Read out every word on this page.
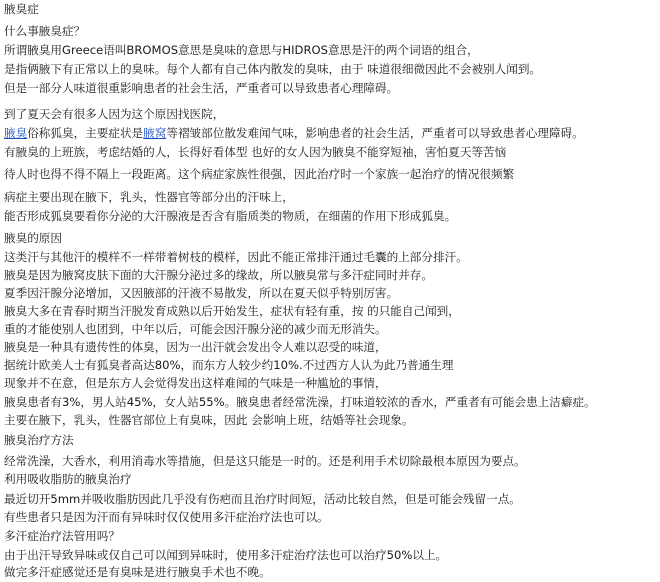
腋臭症
什么事腋臭症？
所谓腋臭用Greece语叫BROMOS意思是臭味的意思与HIDROS意思是汗的两个词语的组合，
是指俩腋下有正常以上的臭味。每个人都有自己体内散发的臭味，由于 味道很细微因此不会被别人闻到。
但是一部分人味道很重影响患者的社会生活，严重者可以导致患者心理障碍。
到了夏天会有很多人因为这个原因找医院，
腋臭俗称狐臭，主要症状是腋窝等褶皱部位散发难闻气味，影响患者的社会生活，严重者可以导致患者心理障碍。
有腋臭的上班族，考虑结婚的人，长得好看体型 也好的女人因为腋臭不能穿短袖，害怕夏天等苦恼
待人时也得不得不隔上一段距离。这个病症家族性很强，因此治疗时一个家族一起治疗的情况很频繁
病症主要出现在腋下，乳头，性器官等部分出的汗味上，
能否形成狐臭要看你分泌的大汗腺液是否含有脂质类的物质，在细菌的作用下形成狐臭。
腋臭的原因
这类汗与其他汗的模样不一样带着树枝的模样，因此不能正常排汗通过毛囊的上部分排汗。
腋臭是因为腋窝皮肤下面的大汗腺分泌过多的缘故，所以腋臭常与多汗症同时并存。
夏季因汗腺分泌增加，又因腋部的汗液不易散发，所以在夏天似乎特别厉害。
腋臭大多在青春时期当汗脱发育成熟以后开始发生，症状有轻有重，按 的只能自己闻到，
重的才能使别人也团到，中年以后，可能会因汗腺分泌的减少而无形消失。
腋臭是一种具有遗传性的体臭，因为一出汗就会发出令人难以忍受的味道，
据统计欧美人士有狐臭者高达80%，而东方人较少约10%.不过西方人认为此乃普通生理
现象并不在意，但是东方人会觉得发出这样难闻的气味是一种尴尬的事情，
腋臭患者有3%，男人站45%，女人站55%。腋臭患者经常洗澡，打味道较浓的香水，严重者有可能会患上洁癖症。
主要在腋下，乳头，性器官部位上有臭味，因此 会影响上班，结婚等社会现象。
腋臭治疗方法
经常洗澡，大香水，利用消毒水等措施，但是这只能是一时的。还是利用手术切除最根本原因为要点。
利用吸收脂肪的腋臭治疗
最近切开5mm并吸收脂肪因此几乎没有伤疤而且治疗时间短，活动比较自然，但是可能会残留一点。
有些患者只是因为汗而有异味时仅仅使用多汗症治疗法也可以。
多汗症治疗法管用吗？
由于出汗导致异味或仅自己可以闻到异味时，使用多汗症治疗法也可以治疗50%以上。
做完多汗症感觉还是有臭味是进行腋臭手术也不晚。
